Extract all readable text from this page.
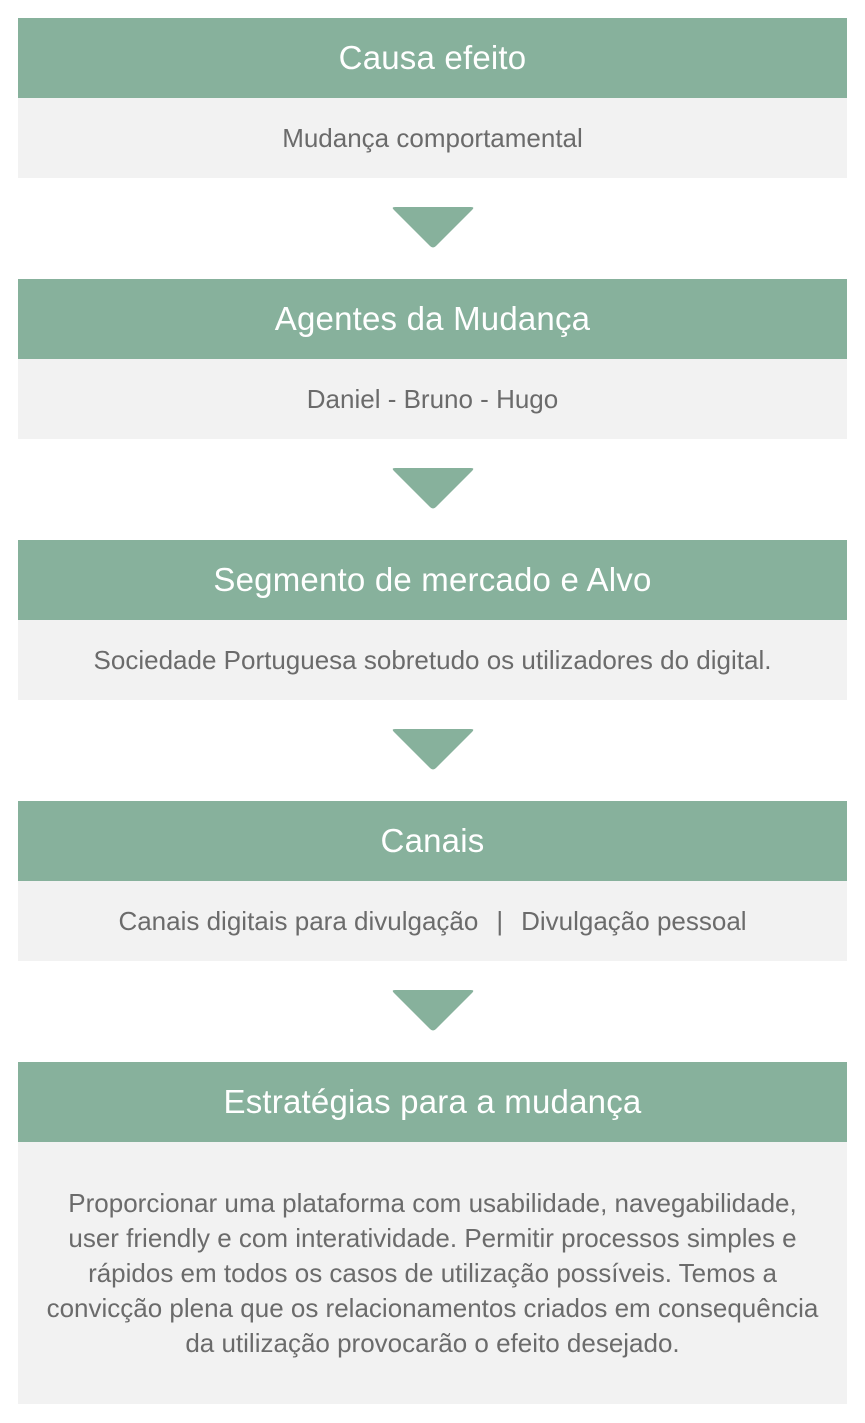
Causa efeito
Mudança comportamental
Agentes da Mudança
Daniel - Bruno - Hugo
Segmento de mercado e Alvo
Sociedade Portuguesa sobretudo os utilizadores do digital.
Canais
Canais digitais para divulgação | Divulgação pessoal
Estratégias para a mudança
Proporcionar uma plataforma com usabilidade, navegabilidade, user friendly e com interatividade. Permitir processos simples e rápidos em todos os casos de utilização possíveis. Temos a convicção plena que os relacionamentos criados em consequência da utilização provocarão o efeito desejado.
